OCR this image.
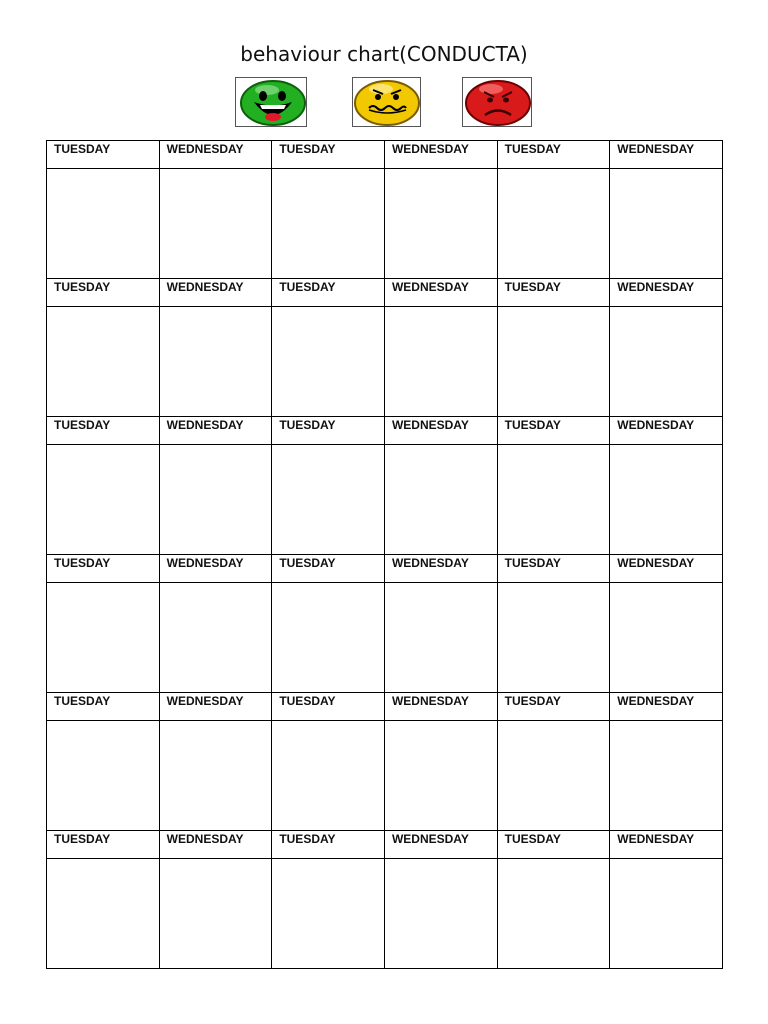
behaviour chart(CONDUCTA)
TUESDAY	WEDNESDAY	TUESDAY	WEDNESDAY	TUESDAY	WEDNESDAY

TUESDAY	WEDNESDAY	TUESDAY	WEDNESDAY	TUESDAY	WEDNESDAY

TUESDAY	WEDNESDAY	TUESDAY	WEDNESDAY	TUESDAY	WEDNESDAY

TUESDAY	WEDNESDAY	TUESDAY	WEDNESDAY	TUESDAY	WEDNESDAY

TUESDAY	WEDNESDAY	TUESDAY	WEDNESDAY	TUESDAY	WEDNESDAY

TUESDAY	WEDNESDAY	TUESDAY	WEDNESDAY	TUESDAY	WEDNESDAY
